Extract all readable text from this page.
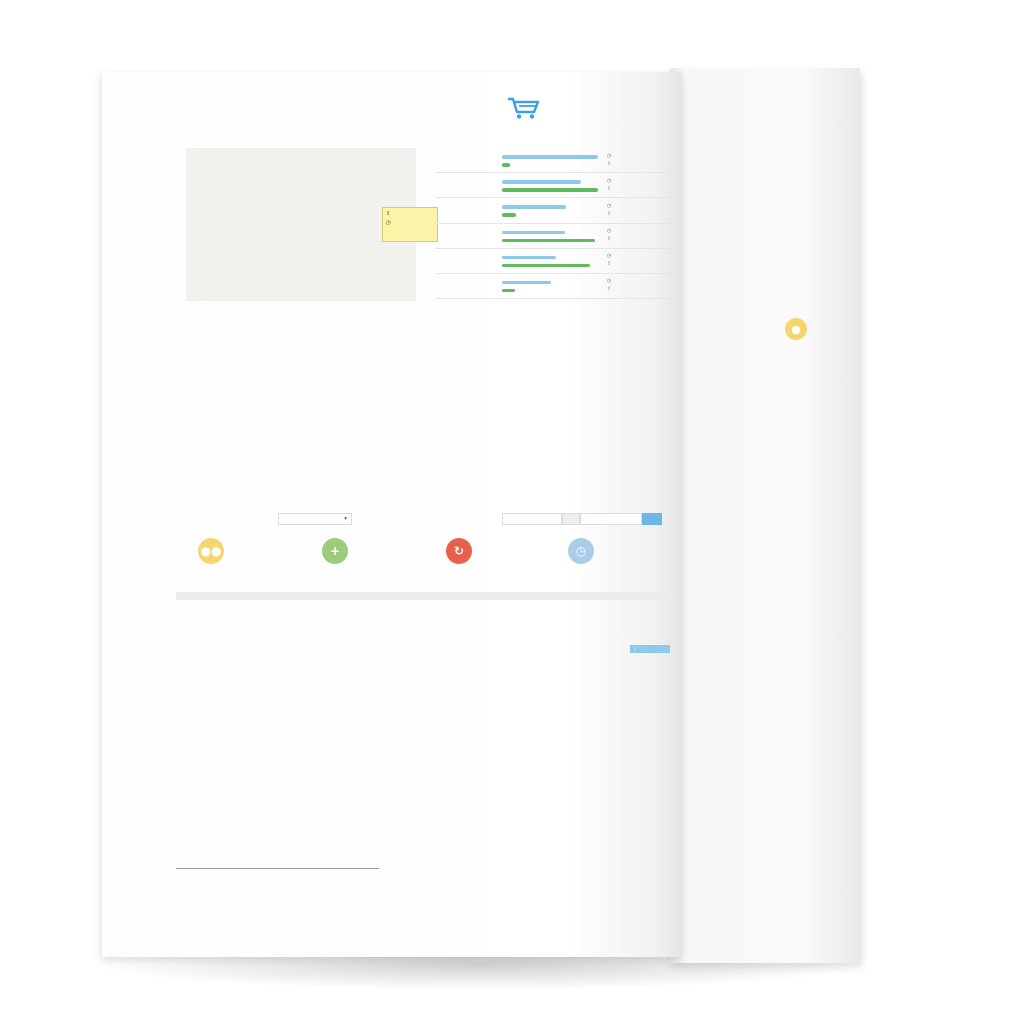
●
⇧
◷
◷
⇧
◷
⇧
◷
⇧
◷
⇧
◷
⇧
◷
⇧
▾
●●	+	↻	◷
⇩
